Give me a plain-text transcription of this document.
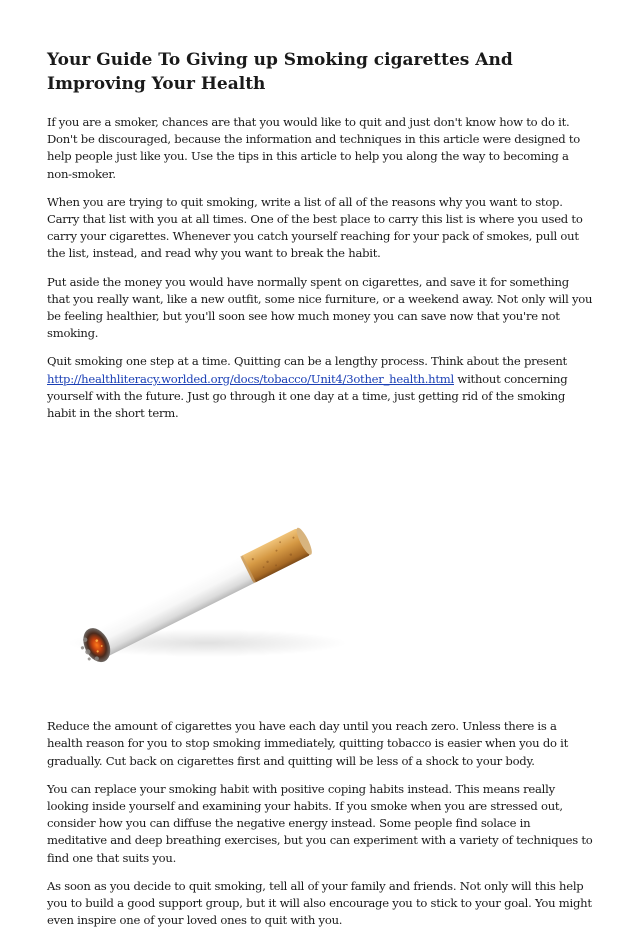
Your Guide To Giving up Smoking cigarettes And Improving Your Health

If you are a smoker, chances are that you would like to quit and just don't know how to do it. Don't be discouraged, because the information and techniques in this article were designed to help people just like you. Use the tips in this article to help you along the way to becoming a non-smoker.

When you are trying to quit smoking, write a list of all of the reasons why you want to stop. Carry that list with you at all times. One of the best place to carry this list is where you used to carry your cigarettes. Whenever you catch yourself reaching for your pack of smokes, pull out the list, instead, and read why you want to break the habit.

Put aside the money you would have normally spent on cigarettes, and save it for something that you really want, like a new outfit, some nice furniture, or a weekend away. Not only will you be feeling healthier, but you'll soon see how much money you can save now that you're not smoking.

Quit smoking one step at a time. Quitting can be a lengthy process. Think about the present http://healthliteracy.worlded.org/docs/tobacco/Unit4/3other_health.html without concerning yourself with the future. Just go through it one day at a time, just getting rid of the smoking habit in the short term.

Reduce the amount of cigarettes you have each day until you reach zero. Unless there is a health reason for you to stop smoking immediately, quitting tobacco is easier when you do it gradually. Cut back on cigarettes first and quitting will be less of a shock to your body.

You can replace your smoking habit with positive coping habits instead. This means really looking inside yourself and examining your habits. If you smoke when you are stressed out, consider how you can diffuse the negative energy instead. Some people find solace in meditative and deep breathing exercises, but you can experiment with a variety of techniques to find one that suits you.

As soon as you decide to quit smoking, tell all of your family and friends. Not only will this help you to build a good support group, but it will also encourage you to stick to your goal. You might even inspire one of your loved ones to quit with you.
